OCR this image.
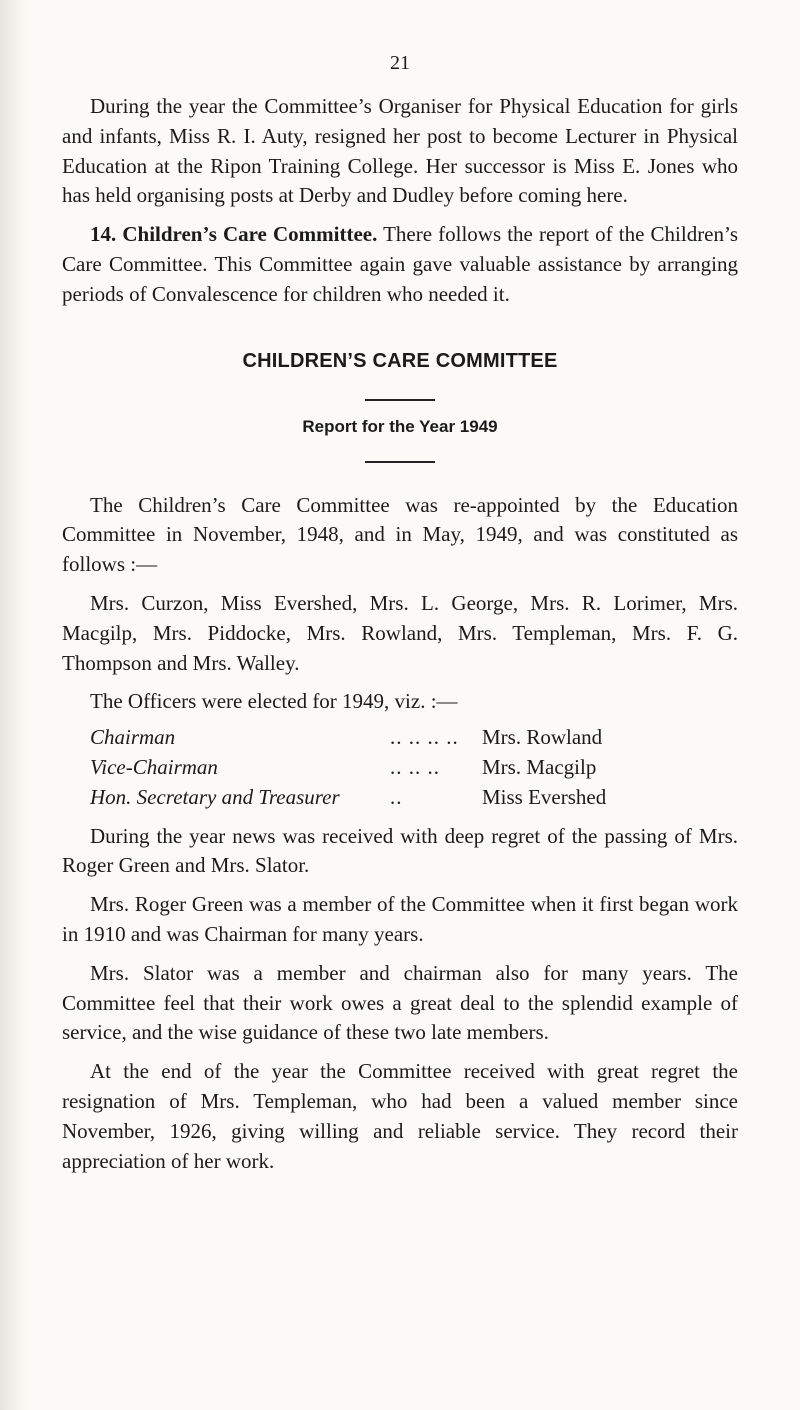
21

During the year the Committee’s Organiser for Physical Education for girls and infants, Miss R. I. Auty, resigned her post to become Lecturer in Physical Education at the Ripon Training College. Her successor is Miss E. Jones who has held organising posts at Derby and Dudley before coming here.

14. Children’s Care Committee. There follows the report of the Children’s Care Committee. This Committee again gave valuable assistance by arranging periods of Convalescence for children who needed it.

CHILDREN’S CARE COMMITTEE
Report for the Year 1949

The Children’s Care Committee was re-appointed by the Education Committee in November, 1948, and in May, 1949, and was constituted as follows :—

Mrs. Curzon, Miss Evershed, Mrs. L. George, Mrs. R. Lorimer, Mrs. Macgilp, Mrs. Piddocke, Mrs. Rowland, Mrs. Templeman, Mrs. F. G. Thompson and Mrs. Walley.

The Officers were elected for 1949, viz. :—

Chairman	.. .. .. ..	Mrs. Rowland
Vice-Chairman	.. .. ..	Mrs. Macgilp
Hon. Secretary and Treasurer	..	Miss Evershed

During the year news was received with deep regret of the passing of Mrs. Roger Green and Mrs. Slator.

Mrs. Roger Green was a member of the Committee when it first began work in 1910 and was Chairman for many years.

Mrs. Slator was a member and chairman also for many years. The Committee feel that their work owes a great deal to the splendid example of service, and the wise guidance of these two late members.

At the end of the year the Committee received with great regret the resignation of Mrs. Templeman, who had been a valued member since November, 1926, giving willing and reliable service. They record their appreciation of her work.
